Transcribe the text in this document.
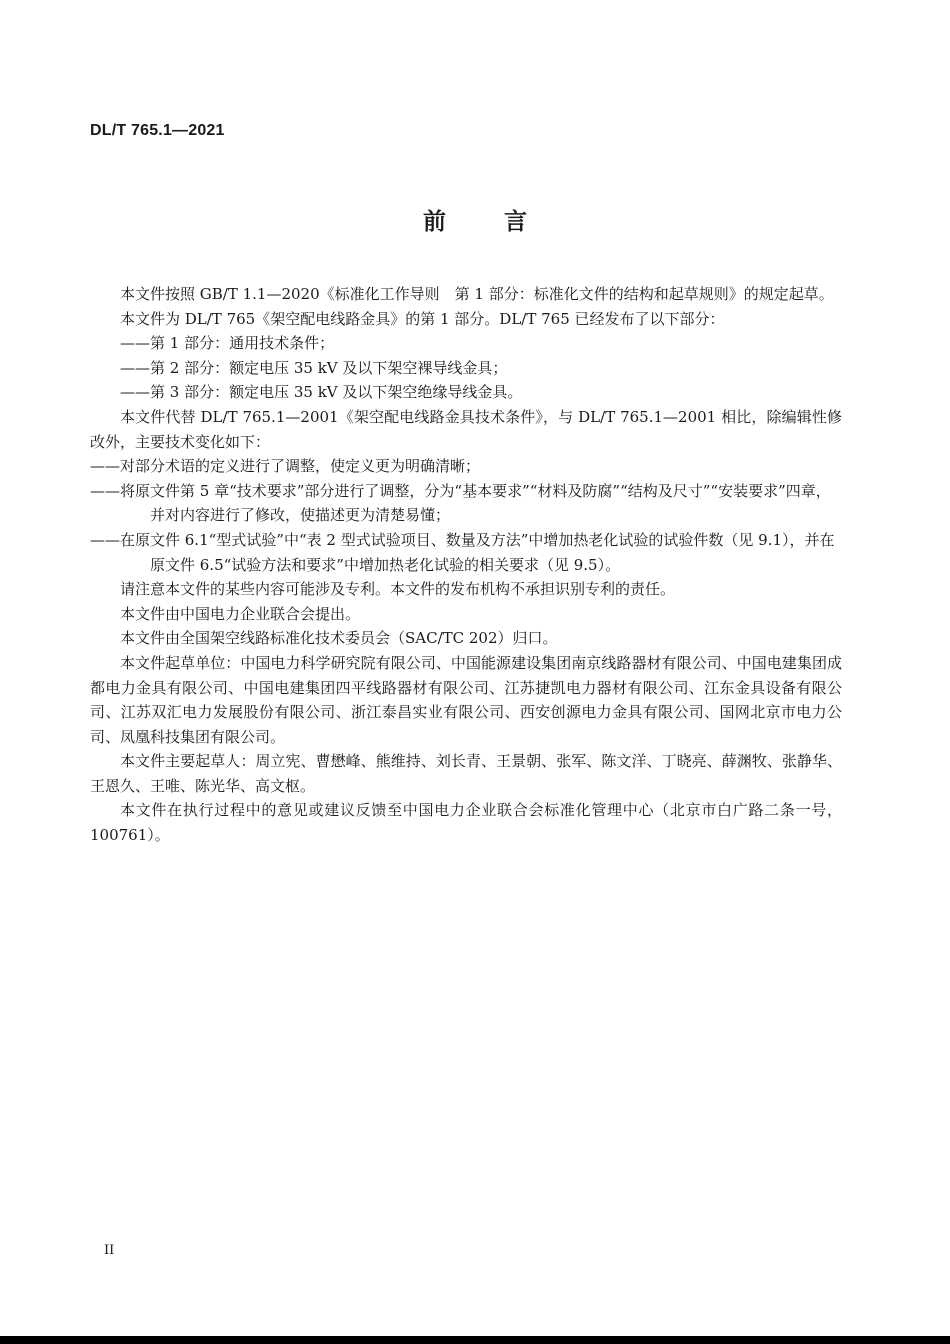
DL/T 765.1—2021
前	言

本文件按照 GB/T 1.1—2020《标准化工作导则　第 1 部分：标准化文件的结构和起草规则》的规定起草。

本文件为 DL/T 765《架空配电线路金具》的第 1 部分。DL/T 765 已经发布了以下部分：

——第 1 部分：通用技术条件；

——第 2 部分：额定电压 35 kV 及以下架空裸导线金具；

——第 3 部分：额定电压 35 kV 及以下架空绝缘导线金具。

本文件代替 DL/T 765.1—2001《架空配电线路金具技术条件》，与 DL/T 765.1—2001 相比，除编辑性修改外，主要技术变化如下：

——对部分术语的定义进行了调整，使定义更为明确清晰；

——将原文件第 5 章“技术要求”部分进行了调整，分为“基本要求”“材料及防腐”“结构及尺寸”“安装要求”四章，并对内容进行了修改，使描述更为清楚易懂；

——在原文件 6.1“型式试验”中“表 2 型式试验项目、数量及方法”中增加热老化试验的试验件数（见 9.1），并在原文件 6.5“试验方法和要求”中增加热老化试验的相关要求（见 9.5）。

请注意本文件的某些内容可能涉及专利。本文件的发布机构不承担识别专利的责任。

本文件由中国电力企业联合会提出。

本文件由全国架空线路标准化技术委员会（SAC/TC 202）归口。

本文件起草单位：中国电力科学研究院有限公司、中国能源建设集团南京线路器材有限公司、中国电建集团成都电力金具有限公司、中国电建集团四平线路器材有限公司、江苏捷凯电力器材有限公司、江东金具设备有限公司、江苏双汇电力发展股份有限公司、浙江泰昌实业有限公司、西安创源电力金具有限公司、国网北京市电力公司、凤凰科技集团有限公司。

本文件主要起草人：周立宪、曹懋峰、熊维持、刘长青、王景朝、张军、陈文洋、丁晓亮、薛渊牧、张静华、王恩久、王唯、陈光华、高文枢。

本文件在执行过程中的意见或建议反馈至中国电力企业联合会标准化管理中心（北京市白广路二条一号，100761）。

II
